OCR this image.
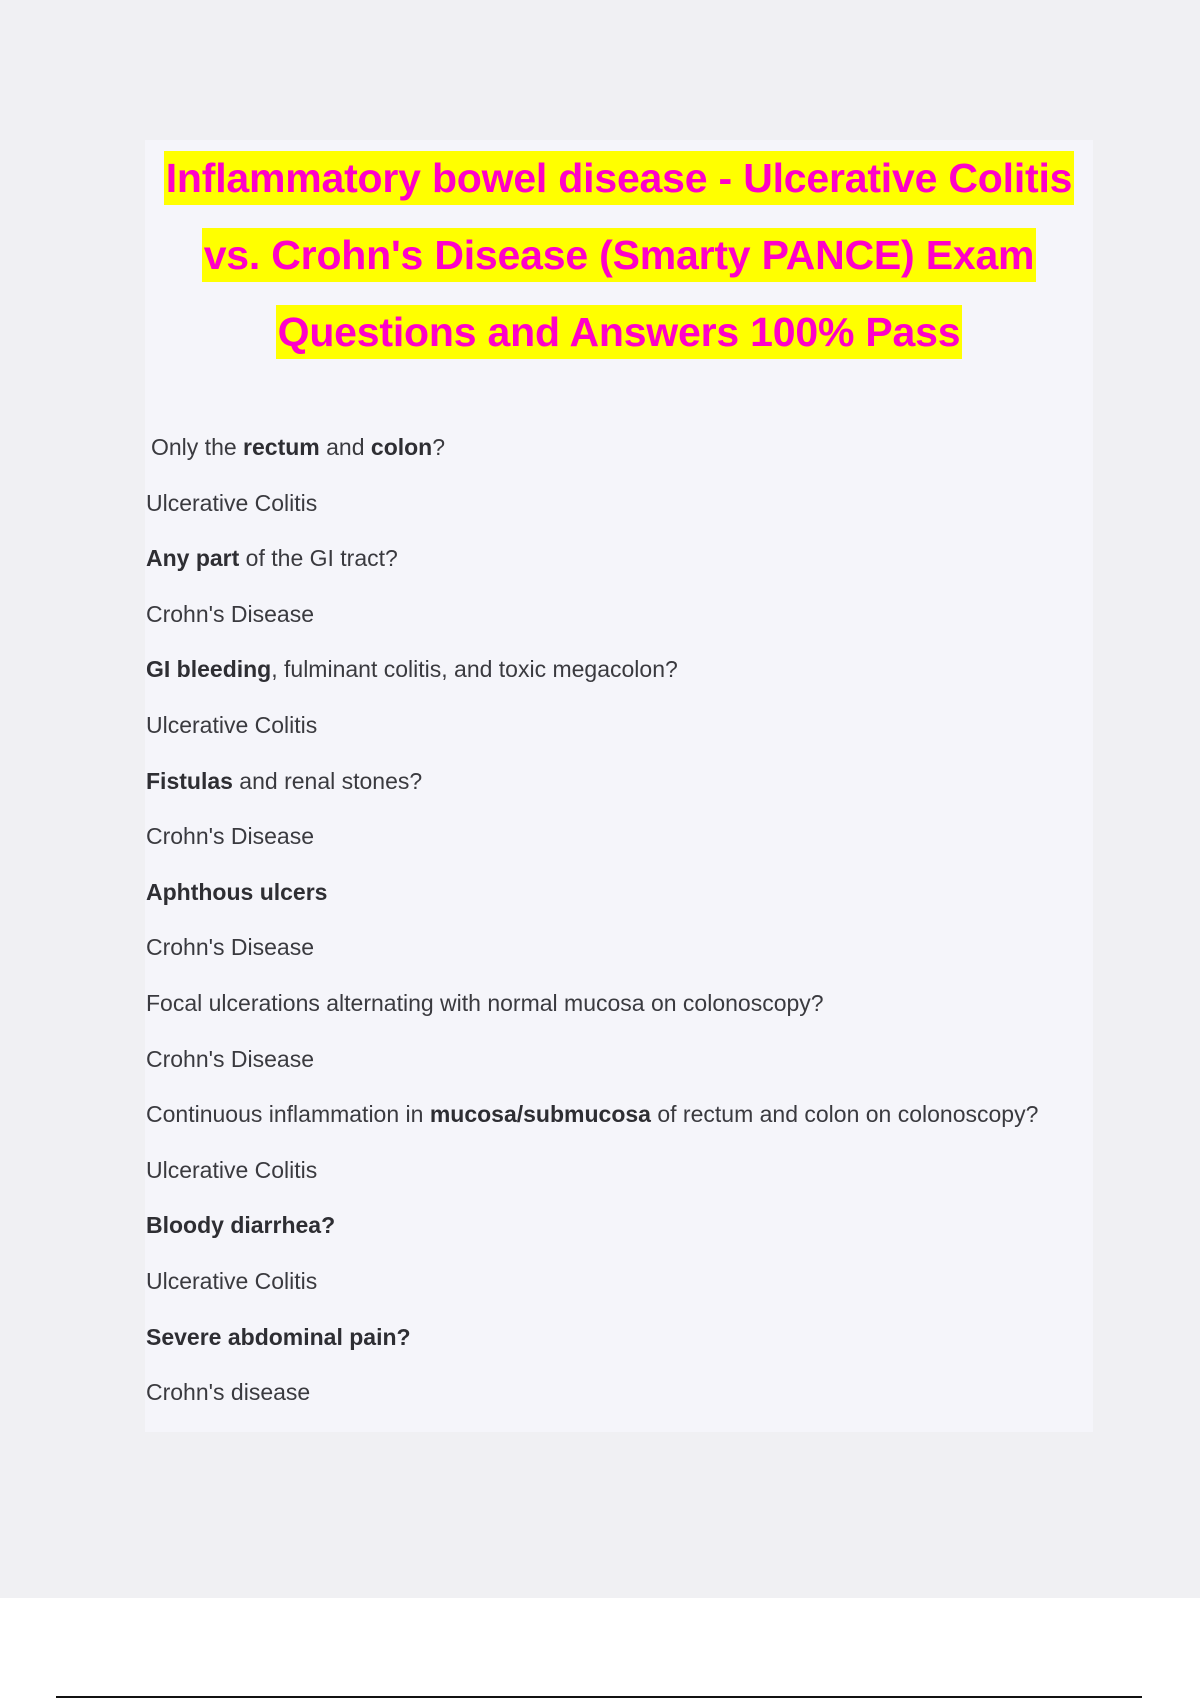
Inflammatory bowel disease - Ulcerative Colitis
vs. Crohn's Disease (Smarty PANCE) Exam
Questions and Answers 100% Pass
Only the rectum and colon?
Ulcerative Colitis
Any part of the GI tract?
Crohn's Disease
GI bleeding, fulminant colitis, and toxic megacolon?
Ulcerative Colitis
Fistulas and renal stones?
Crohn's Disease
Aphthous ulcers
Crohn's Disease
Focal ulcerations alternating with normal mucosa on colonoscopy?
Crohn's Disease
Continuous inflammation in mucosa/submucosa of rectum and colon on colonoscopy?
Ulcerative Colitis
Bloody diarrhea?
Ulcerative Colitis
Severe abdominal pain?
Crohn's disease
